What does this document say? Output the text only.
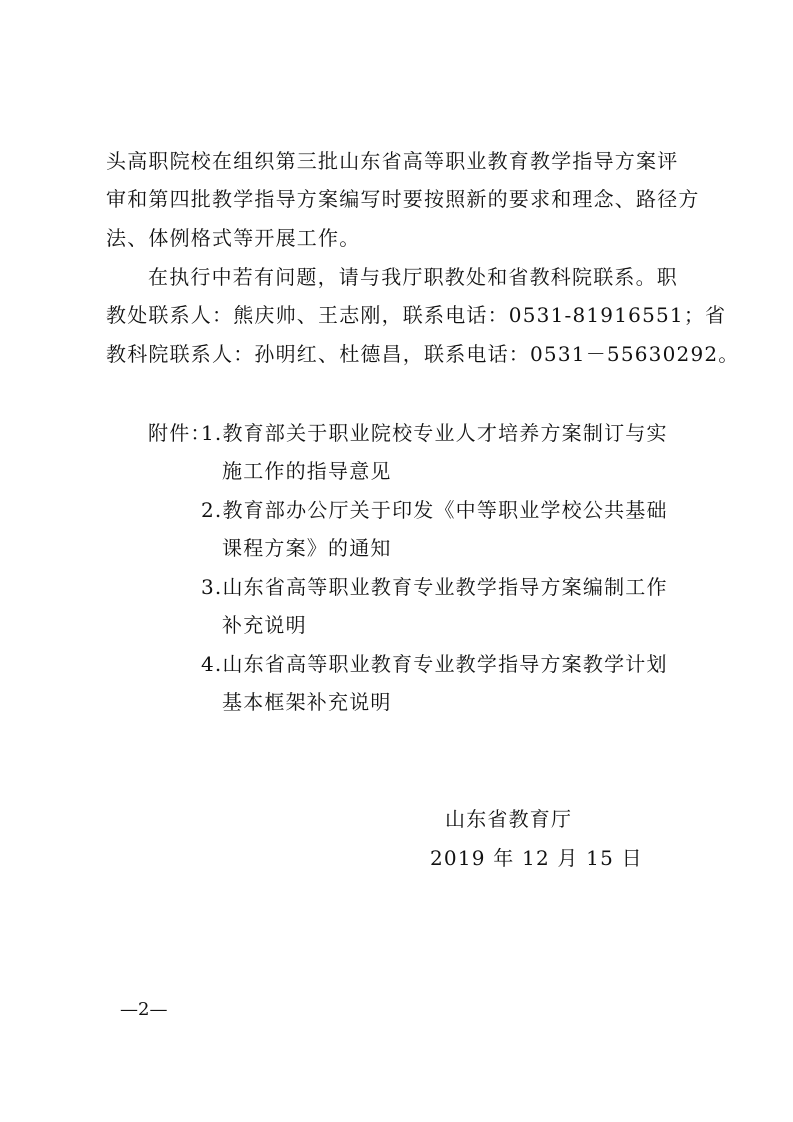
头高职院校在组织第三批山东省高等职业教育教学指导方案评
审和第四批教学指导方案编写时要按照新的要求和理念、路径方
法、体例格式等开展工作。
在执行中若有问题，请与我厅职教处和省教科院联系。职
教处联系人：熊庆帅、王志刚，联系电话：0531-81916551；省
教科院联系人：孙明红、杜德昌，联系电话：0531－55630292。
附件：
1.教育部关于职业院校专业人才培养方案制订与实
施工作的指导意见
2.教育部办公厅关于印发《中等职业学校公共基础
课程方案》的通知
3.山东省高等职业教育专业教学指导方案编制工作
补充说明
4.山东省高等职业教育专业教学指导方案教学计划
基本框架补充说明
山东省教育厅
2019 年 12 月 15 日
—2—
